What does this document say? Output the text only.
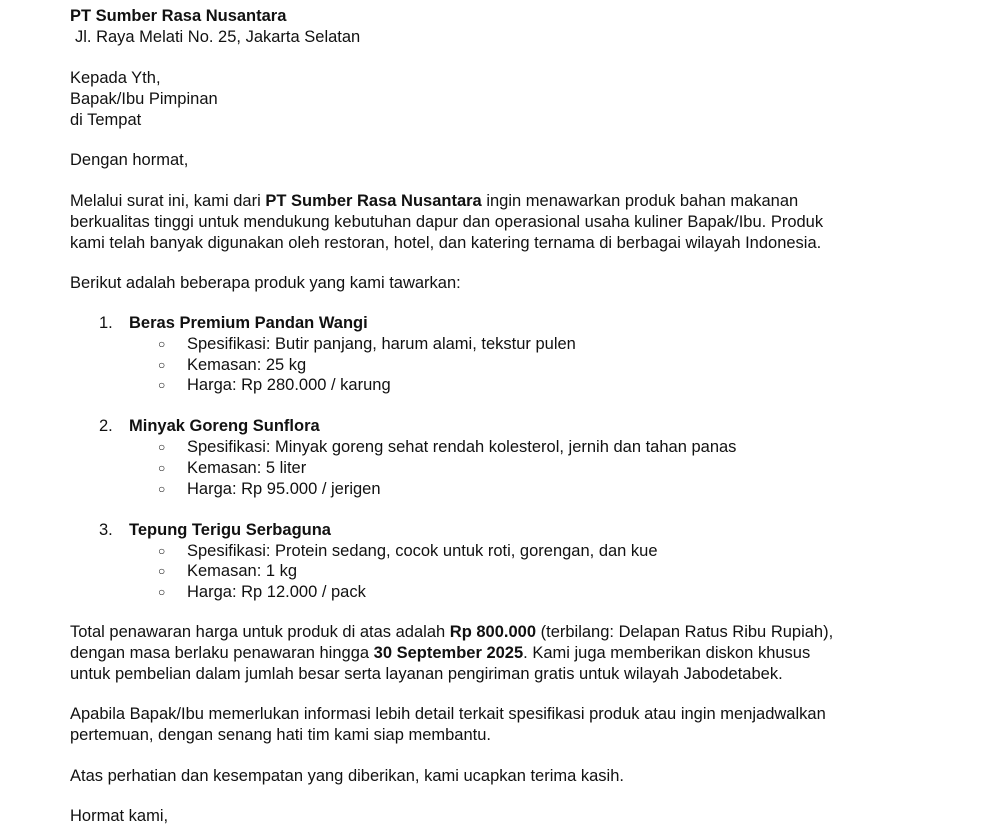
PT Sumber Rasa Nusantara

Jl. Raya Melati No. 25, Jakarta Selatan

Kepada Yth,

Bapak/Ibu Pimpinan

di Tempat

Dengan hormat,

Melalui surat ini, kami dari PT Sumber Rasa Nusantara ingin menawarkan produk bahan makanan

berkualitas tinggi untuk mendukung kebutuhan dapur dan operasional usaha kuliner Bapak/Ibu. Produk

kami telah banyak digunakan oleh restoran, hotel, dan katering ternama di berbagai wilayah Indonesia.

Berikut adalah beberapa produk yang kami tawarkan:

1. Beras Premium Pandan Wangi

○ Spesifikasi: Butir panjang, harum alami, tekstur pulen

○ Kemasan: 25 kg

○ Harga: Rp 280.000 / karung

2. Minyak Goreng Sunflora

○ Spesifikasi: Minyak goreng sehat rendah kolesterol, jernih dan tahan panas

○ Kemasan: 5 liter

○ Harga: Rp 95.000 / jerigen

3. Tepung Terigu Serbaguna

○ Spesifikasi: Protein sedang, cocok untuk roti, gorengan, dan kue

○ Kemasan: 1 kg

○ Harga: Rp 12.000 / pack

Total penawaran harga untuk produk di atas adalah Rp 800.000 (terbilang: Delapan Ratus Ribu Rupiah),

dengan masa berlaku penawaran hingga 30 September 2025. Kami juga memberikan diskon khusus

untuk pembelian dalam jumlah besar serta layanan pengiriman gratis untuk wilayah Jabodetabek.

Apabila Bapak/Ibu memerlukan informasi lebih detail terkait spesifikasi produk atau ingin menjadwalkan

pertemuan, dengan senang hati tim kami siap membantu.

Atas perhatian dan kesempatan yang diberikan, kami ucapkan terima kasih.

Hormat kami,
